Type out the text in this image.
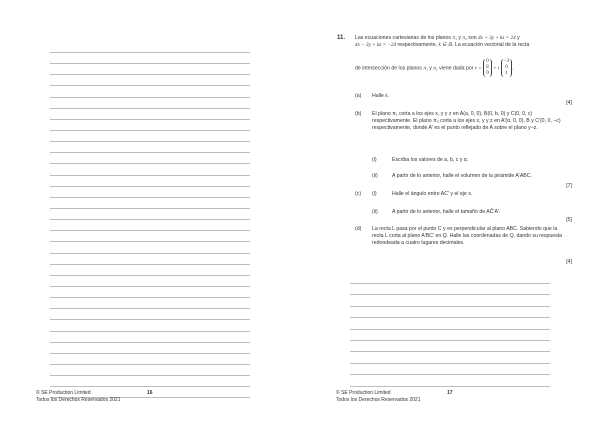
© SE Production Limited
Todos los Derechos Reservados 2021
16
11. Las ecuaciones cartesianas de los planos π₁ y π₂ son 4x + 3y + kz = 24 y
4x − 3y + kz = −24 respectivamente, k ∈ ℝ. La ecuación vectorial de la recta
de intersección de los planos π₁ y π₂ viene dada por r = 0
8
0 + t −3
0
1.
(a) Halle k.
[4]
(b) El plano π₁ corta a los ejes x, y y z en A(a, 0, 0), B(0, b, 0) y C(0, 0, c) respectivamente. El plano π₂ corta a los ejes x, y y z en A′(α, 0, 0), B y C′(0, 0, −c) respectivamente, donde A′ es el punto reflejado de A sobre el plano y−z.
(i)	Escriba los valores de a, b, c y α.
(ii)	A partir de lo anterior, halle el volumen de la pirámide A′ABC.
[7]
(c) (i)	Halle el ángulo entre AC′ y el eje x.
(ii)	A partir de lo anterior, halle el tamaño de AĈ′A′.
[5]
(d) La recta L pasa por el punto C y es perpendicular al plano ABC. Sabiendo que la recta L corta al plano A′BC′ en Q. Halle las coordenadas de Q, dando su respuesta redondeada a cuatro lugares decimales.
[4]
© SE Production Limited
Todos los Derechos Reservados 2021
17
